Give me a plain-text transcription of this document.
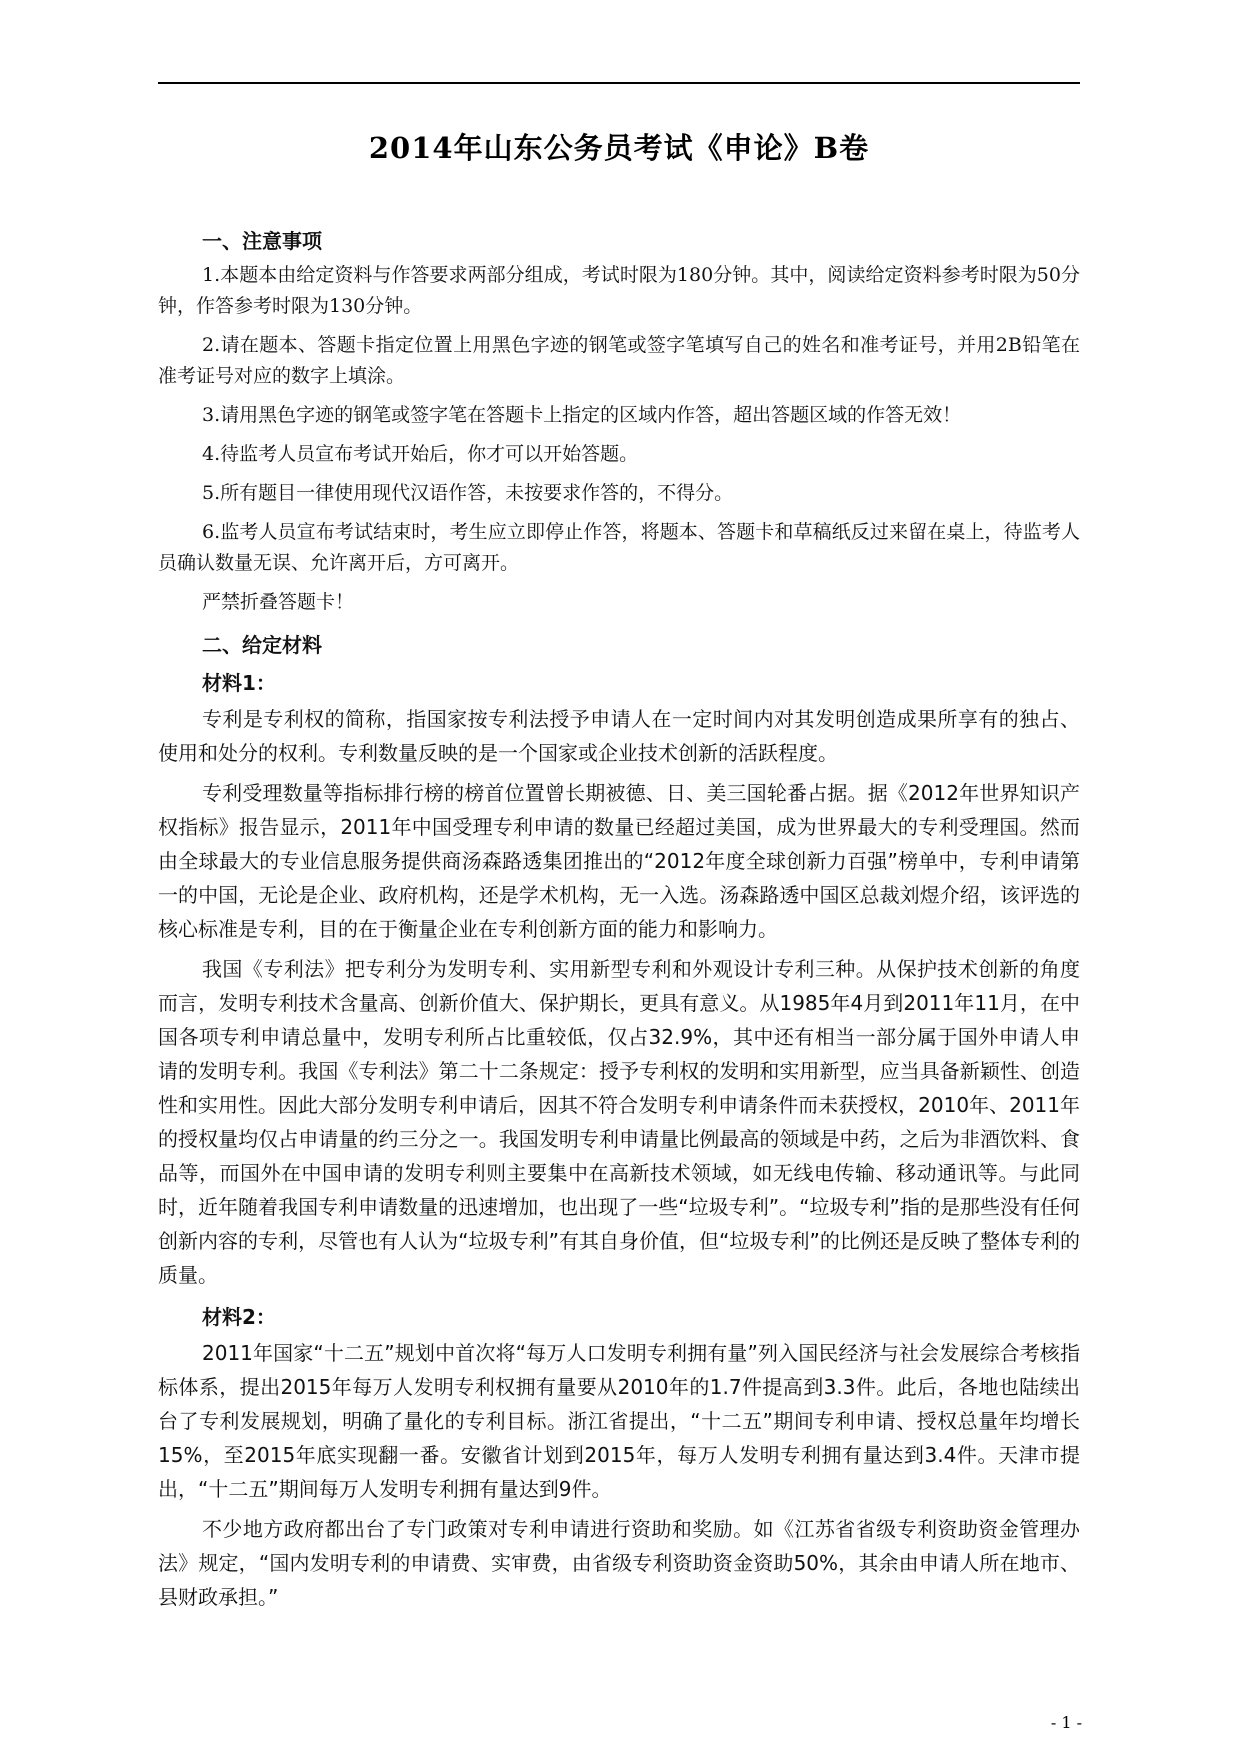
2014年山东公务员考试《申论》B卷

一、注意事项

1.本题本由给定资料与作答要求两部分组成，考试时限为180分钟。其中，阅读给定资料参考时限为50分钟，作答参考时限为130分钟。

2.请在题本、答题卡指定位置上用黑色字迹的钢笔或签字笔填写自己的姓名和准考证号，并用2B铅笔在准考证号对应的数字上填涂。

3.请用黑色字迹的钢笔或签字笔在答题卡上指定的区域内作答，超出答题区域的作答无效！

4.待监考人员宣布考试开始后，你才可以开始答题。

5.所有题目一律使用现代汉语作答，未按要求作答的，不得分。

6.监考人员宣布考试结束时，考生应立即停止作答，将题本、答题卡和草稿纸反过来留在桌上，待监考人员确认数量无误、允许离开后，方可离开。

严禁折叠答题卡！

二、给定材料

材料1：

专利是专利权的简称，指国家按专利法授予申请人在一定时间内对其发明创造成果所享有的独占、使用和处分的权利。专利数量反映的是一个国家或企业技术创新的活跃程度。

专利受理数量等指标排行榜的榜首位置曾长期被德、日、美三国轮番占据。据《2012年世界知识产权指标》报告显示，2011年中国受理专利申请的数量已经超过美国，成为世界最大的专利受理国。然而由全球最大的专业信息服务提供商汤森路透集团推出的“2012年度全球创新力百强”榜单中，专利申请第一的中国，无论是企业、政府机构，还是学术机构，无一入选。汤森路透中国区总裁刘煜介绍，该评选的核心标准是专利，目的在于衡量企业在专利创新方面的能力和影响力。

我国《专利法》把专利分为发明专利、实用新型专利和外观设计专利三种。从保护技术创新的角度而言，发明专利技术含量高、创新价值大、保护期长，更具有意义。从1985年4月到2011年11月，在中国各项专利申请总量中，发明专利所占比重较低，仅占32.9%，其中还有相当一部分属于国外申请人申请的发明专利。我国《专利法》第二十二条规定：授予专利权的发明和实用新型，应当具备新颖性、创造性和实用性。因此大部分发明专利申请后，因其不符合发明专利申请条件而未获授权，2010年、2011年的授权量均仅占申请量的约三分之一。我国发明专利申请量比例最高的领域是中药，之后为非酒饮料、食品等，而国外在中国申请的发明专利则主要集中在高新技术领域，如无线电传输、移动通讯等。与此同时，近年随着我国专利申请数量的迅速增加，也出现了一些“垃圾专利”。“垃圾专利”指的是那些没有任何创新内容的专利，尽管也有人认为“垃圾专利”有其自身价值，但“垃圾专利”的比例还是反映了整体专利的质量。

材料2：

2011年国家“十二五”规划中首次将“每万人口发明专利拥有量”列入国民经济与社会发展综合考核指标体系，提出2015年每万人发明专利权拥有量要从2010年的1.7件提高到3.3件。此后，各地也陆续出台了专利发展规划，明确了量化的专利目标。浙江省提出，“十二五”期间专利申请、授权总量年均增长15%，至2015年底实现翻一番。安徽省计划到2015年，每万人发明专利拥有量达到3.4件。天津市提出，“十二五”期间每万人发明专利拥有量达到9件。

不少地方政府都出台了专门政策对专利申请进行资助和奖励。如《江苏省省级专利资助资金管理办法》规定，“国内发明专利的申请费、实审费，由省级专利资助资金资助50%，其余由申请人所在地市、县财政承担。”

- 1 -
